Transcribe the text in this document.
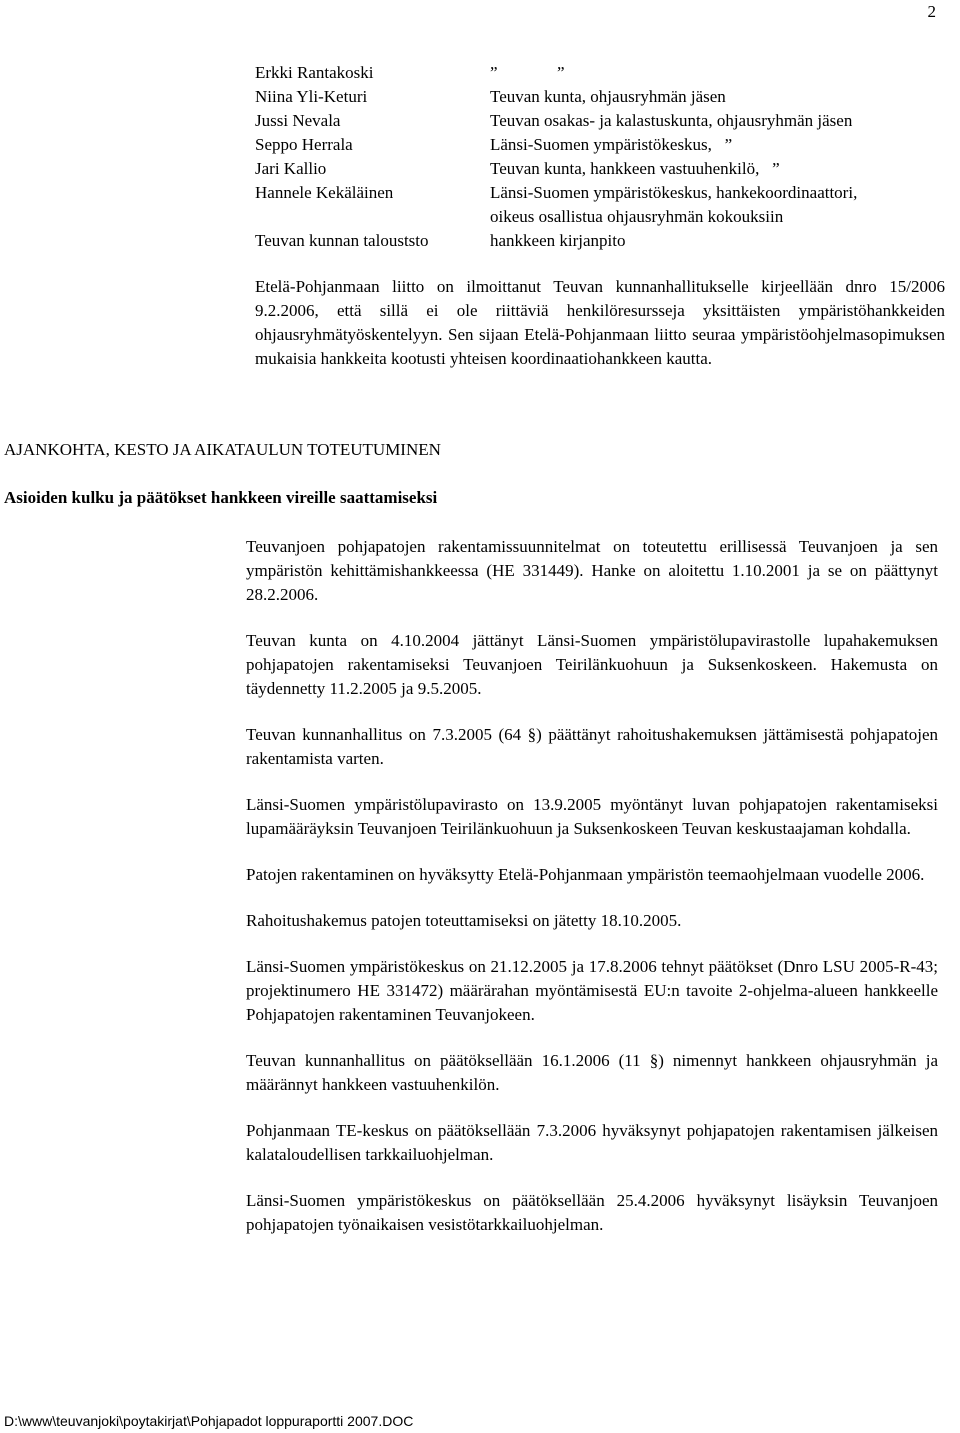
2
Erkki Rantakoski	”              ”
Niina Yli-Keturi	Teuvan kunta, ohjausryhmän jäsen
Jussi Nevala	Teuvan osakas- ja kalastuskunta, ohjausryhmän jäsen
Seppo Herrala	Länsi-Suomen ympäristökeskus,   ”
Jari Kallio	Teuvan kunta, hankkeen vastuuhenkilö,   ”
Hannele Kekäläinen	Länsi-Suomen ympäristökeskus, hankekoordinaattori,
oikeus osallistua ohjausryhmän kokouksiin
Teuvan kunnan talouststo	hankkeen kirjanpito
Etelä-Pohjanmaan liitto on ilmoittanut Teuvan kunnanhallitukselle kirjeellään dnro 15/2006 9.2.2006, että sillä ei ole riittäviä henkilöresursseja yksittäisten ympäristöhankkeiden ohjausryhmätyöskentelyyn. Sen sijaan Etelä-Pohjanmaan liitto seuraa ympäristöohjelmasopimuksen mukaisia hankkeita kootusti yhteisen koordinaatiohankkeen kautta.
AJANKOHTA, KESTO JA AIKATAULUN TOTEUTUMINEN
Asioiden kulku ja päätökset hankkeen vireille saattamiseksi

Teuvanjoen pohjapatojen rakentamissuunnitelmat on toteutettu erillisessä Teuvanjoen ja sen ympäristön kehittämishankkeessa (HE 331449). Hanke on aloitettu 1.10.2001 ja se on päättynyt 28.2.2006.

Teuvan kunta on 4.10.2004 jättänyt Länsi-Suomen ympäristölupavirastolle lupahakemuksen pohjapatojen rakentamiseksi Teuvanjoen Teirilänkuohuun ja Suksenkoskeen. Hakemusta on täydennetty 11.2.2005 ja 9.5.2005.

Teuvan kunnanhallitus on 7.3.2005 (64 §) päättänyt rahoitushakemuksen jättämisestä pohjapatojen rakentamista varten.

Länsi-Suomen ympäristölupavirasto on 13.9.2005 myöntänyt luvan pohjapatojen rakentamiseksi lupamääräyksin Teuvanjoen Teirilänkuohuun ja Suksenkoskeen Teuvan keskustaajaman kohdalla.

Patojen rakentaminen on hyväksytty Etelä-Pohjanmaan ympäristön teemaohjelmaan vuodelle 2006.

Rahoitushakemus patojen toteuttamiseksi on jätetty 18.10.2005.

Länsi-Suomen ympäristökeskus on 21.12.2005 ja 17.8.2006 tehnyt päätökset (Dnro LSU 2005-R-43; projektinumero HE 331472) määrärahan myöntämisestä EU:n tavoite 2-ohjelma-alueen hankkeelle Pohjapatojen rakentaminen Teuvanjokeen.

Teuvan kunnanhallitus on päätöksellään 16.1.2006 (11 §) nimennyt hankkeen ohjausryhmän ja määrännyt hankkeen vastuuhenkilön.

Pohjanmaan TE-keskus on päätöksellään 7.3.2006 hyväksynyt pohjapatojen rakentamisen jälkeisen kalataloudellisen tarkkailuohjelman.

Länsi-Suomen ympäristökeskus on päätöksellään 25.4.2006 hyväksynyt lisäyksin Teuvanjoen pohjapatojen työnaikaisen vesistötarkkailuohjelman.

D:\www\teuvanjoki\poytakirjat\Pohjapadot loppuraportti 2007.DOC
